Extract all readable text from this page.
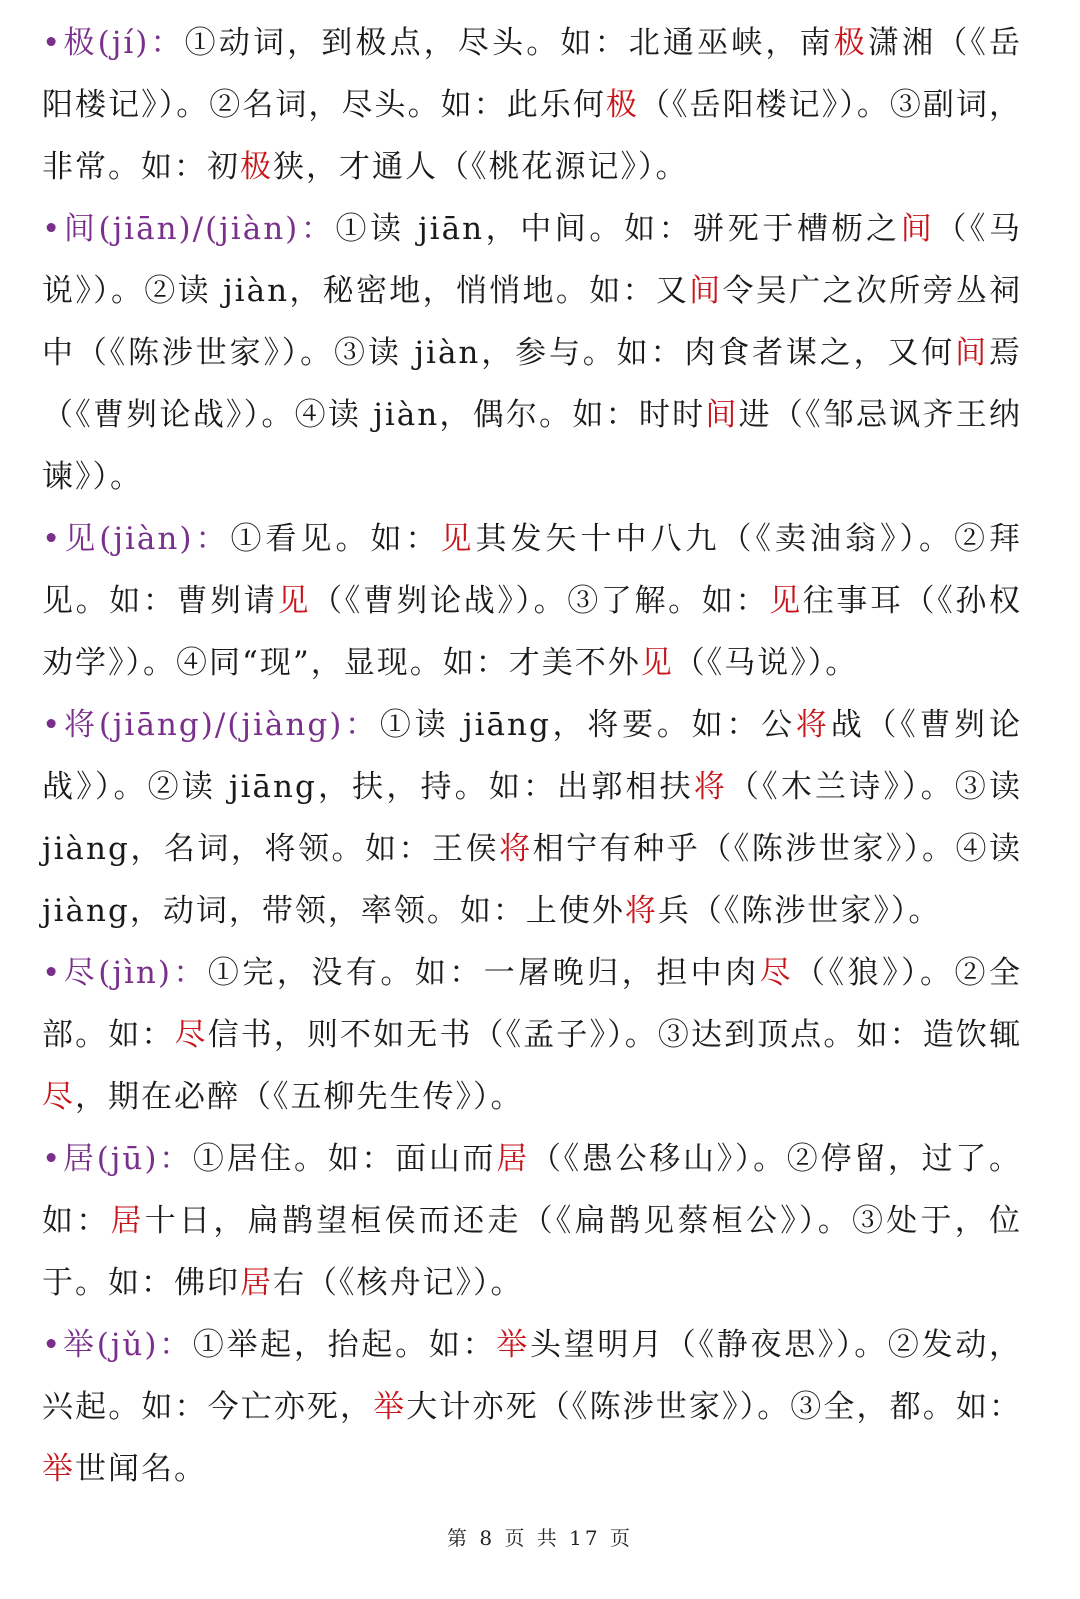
•极(jí)：①动词，到极点，尽头。如：北通巫峡，南极潇湘（《岳阳楼记》）。②名词，尽头。如：此乐何极（《岳阳楼记》）。③副词，非常。如：初极狭，才通人（《桃花源记》）。

•间(jiān)/(jiàn)：①读 jiān，中间。如：骈死于槽枥之间（《马说》）。②读 jiàn，秘密地，悄悄地。如：又间令吴广之次所旁丛祠中（《陈涉世家》）。③读 jiàn，参与。如：肉食者谋之，又何间焉（《曹刿论战》）。④读 jiàn，偶尔。如：时时间进（《邹忌讽齐王纳谏》）。

•见(jiàn)：①看见。如：见其发矢十中八九（《卖油翁》）。②拜见。如：曹刿请见（《曹刿论战》）。③了解。如：见往事耳（《孙权劝学》）。④同“现”，显现。如：才美不外见（《马说》）。

•将(jiāng)/(jiàng)：①读 jiāng，将要。如：公将战（《曹刿论战》）。②读 jiāng，扶，持。如：出郭相扶将（《木兰诗》）。③读 jiàng，名词，将领。如：王侯将相宁有种乎（《陈涉世家》）。④读 jiàng，动词，带领，率领。如：上使外将兵（《陈涉世家》）。

•尽(jìn)：①完，没有。如：一屠晚归，担中肉尽（《狼》）。②全部。如：尽信书，则不如无书（《孟子》）。③达到顶点。如：造饮辄尽，期在必醉（《五柳先生传》）。

•居(jū)：①居住。如：面山而居（《愚公移山》）。②停留，过了。如：居十日，扁鹊望桓侯而还走（《扁鹊见蔡桓公》）。③处于，位于。如：佛印居右（《核舟记》）。

•举(jǔ)：①举起，抬起。如：举头望明月（《静夜思》）。②发动，兴起。如：今亡亦死，举大计亦死（《陈涉世家》）。③全，都。如：举世闻名。

第 8 页 共 17 页
